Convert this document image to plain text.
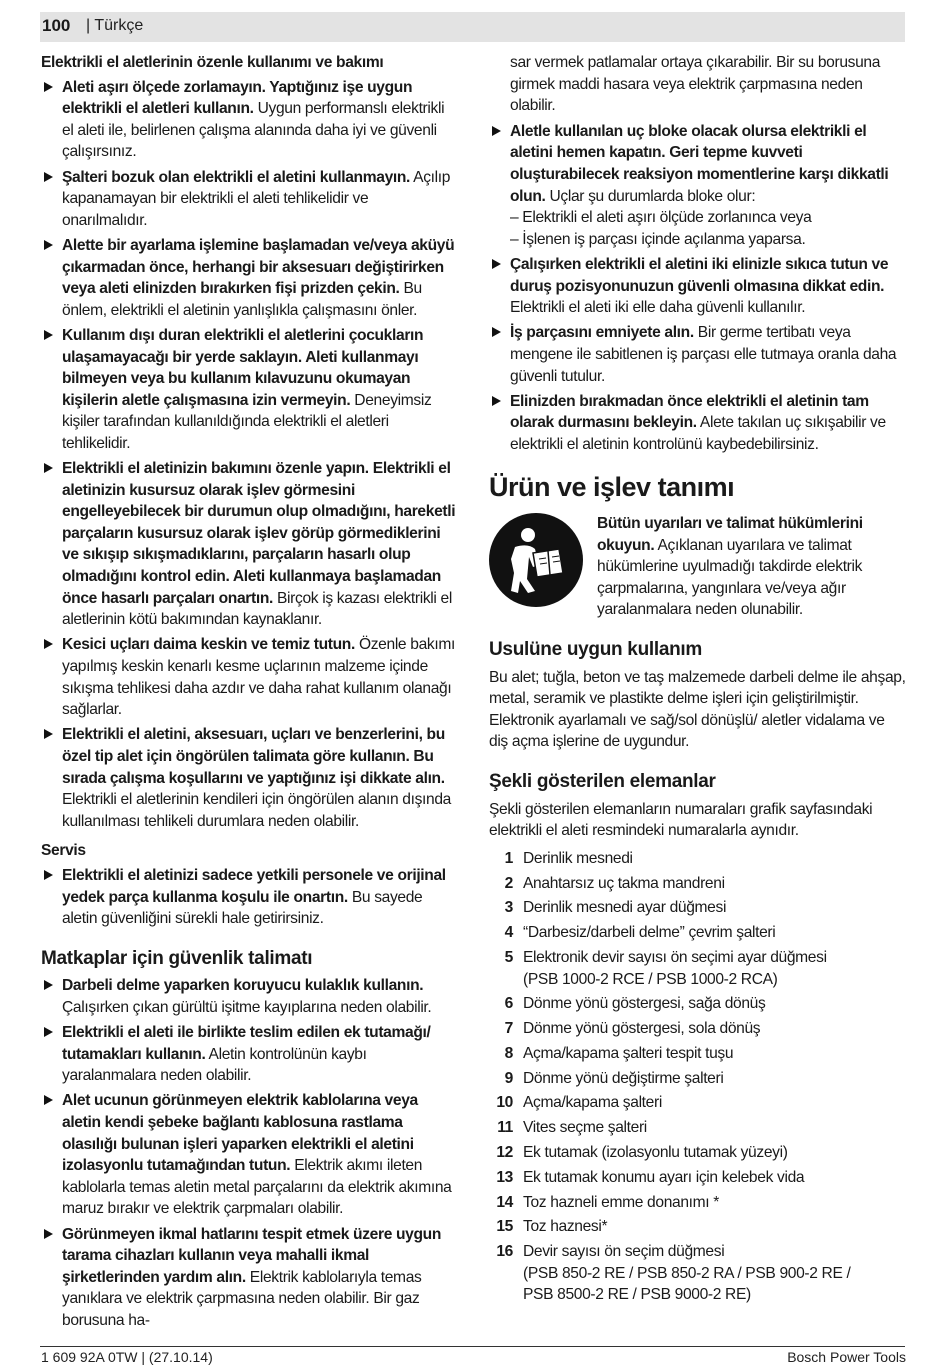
100 | Türkçe
Elektrikli el aletlerinin özenle kullanımı ve bakımı
Aleti aşırı ölçede zorlamayın. Yaptığınız işe uygun elektrikli el aletleri kullanın. Uygun performanslı elektrikli el aleti ile, belirlenen çalışma alanında daha iyi ve güvenli çalışırsınız.
Şalteri bozuk olan elektrikli el aletini kullanmayın. Açılıp kapanamayan bir elektrikli el aleti tehlikelidir ve onarılmalıdır.
Alette bir ayarlama işlemine başlamadan ve/veya aküyü çıkarmadan önce, herhangi bir aksesuarı değiştirirken veya aleti elinizden bırakırken fişi prizden çekin. Bu önlem, elektrikli el aletinin yanlışlıkla çalışmasını önler.
Kullanım dışı duran elektrikli el aletlerini çocukların ulaşamayacağı bir yerde saklayın. Aleti kullanmayı bilmeyen veya bu kullanım kılavuzunu okumayan kişilerin aletle çalışmasına izin vermeyin. Deneyimsiz kişiler tarafından kullanıldığında elektrikli el aletleri tehlikelidir.
Elektrikli el aletinizin bakımını özenle yapın. Elektrikli el aletinizin kusursuz olarak işlev görmesini engelleyebilecek bir durumun olup olmadığını, hareketli parçaların kusursuz olarak işlev görüp görmediklerini ve sıkışıp sıkışmadıklarını, parçaların hasarlı olup olmadığını kontrol edin. Aleti kullanmaya başlamadan önce hasarlı parçaları onartın. Birçok iş kazası elektrikli el aletlerinin kötü bakımından kaynaklanır.
Kesici uçları daima keskin ve temiz tutun. Özenle bakımı yapılmış keskin kenarlı kesme uçlarının malzeme içinde sıkışma tehlikesi daha azdır ve daha rahat kullanım olanağı sağlarlar.
Elektrikli el aletini, aksesuarı, uçları ve benzerlerini, bu özel tip alet için öngörülen talimata göre kullanın. Bu sırada çalışma koşullarını ve yaptığınız işi dikkate alın. Elektrikli el aletlerinin kendileri için öngörülen alanın dışında kullanılması tehlikeli durumlara neden olabilir.
Servis
Elektrikli el aletinizi sadece yetkili personele ve orijinal yedek parça kullanma koşulu ile onartın. Bu sayede aletin güvenliğini sürekli hale getirirsiniz.
Matkaplar için güvenlik talimatı
Darbeli delme yaparken koruyucu kulaklık kullanın. Çalışırken çıkan gürültü işitme kayıplarına neden olabilir.
Elektrikli el aleti ile birlikte teslim edilen ek tutamağı/ tutamakları kullanın. Aletin kontrolünün kaybı yaralanmalara neden olabilir.
Alet ucunun görünmeyen elektrik kablolarına veya aletin kendi şebeke bağlantı kablosuna rastlama olasılığı bulunan işleri yaparken elektrikli el aletini izolasyonlu tutamağından tutun. Elektrik akımı ileten kablolarla temas aletin metal parçalarını da elektrik akımına maruz bırakır ve elektrik çarpmaları olabilir.
Görünmeyen ikmal hatlarını tespit etmek üzere uygun tarama cihazları kullanın veya mahalli ikmal şirketlerinden yardım alın. Elektrik kablolarıyla temas yanıklara ve elektrik çarpmasına neden olabilir. Bir gaz borusuna ha-

sar vermek patlamalar ortaya çıkarabilir. Bir su borusuna girmek maddi hasara veya elektrik çarpmasına neden olabilir.

Aletle kullanılan uç bloke olacak olursa elektrikli el aletini hemen kapatın. Geri tepme kuvveti oluşturabilecek reaksiyon momentlerine karşı dikkatli olun. Uçlar şu durumlarda bloke olur:
– Elektrikli el aleti aşırı ölçüde zorlanınca veya
– İşlenen iş parçası içinde açılanma yaparsa.
Çalışırken elektrikli el aletini iki elinizle sıkıca tutun ve duruş pozisyonunuzun güvenli olmasına dikkat edin. Elektrikli el aleti iki elle daha güvenli kullanılır.
İş parçasını emniyete alın. Bir germe tertibatı veya mengene ile sabitlenen iş parçası elle tutmaya oranla daha güvenli tutulur.
Elinizden bırakmadan önce elektrikli el aletinin tam olarak durmasını bekleyin. Alete takılan uç sıkışabilir ve elektrikli el aletinin kontrolünü kaybedebilirsiniz.
Ürün ve işlev tanımı
Bütün uyarıları ve talimat hükümlerini okuyun. Açıklanan uyarılara ve talimat hükümlerine uyulmadığı takdirde elektrik çarpmalarına, yangınlara ve/veya ağır yaralanmalara neden olunabilir.
Usulüne uygun kullanım

Bu alet; tuğla, beton ve taş malzemede darbeli delme ile ahşap, metal, seramik ve plastikte delme işleri için geliştirilmiştir. Elektronik ayarlamalı ve sağ/sol dönüşlü/ aletler vidalama ve diş açma işlerine de uygundur.

Şekli gösterilen elemanlar

Şekli gösterilen elemanların numaraları grafik sayfasındaki elektrikli el aleti resmindeki numaralarla aynıdır.

1 Derinlik mesnedi
2 Anahtarsız uç takma mandreni
3 Derinlik mesnedi ayar düğmesi
4 “Darbesiz/darbeli delme” çevrim şalteri
5 Elektronik devir sayısı ön seçimi ayar düğmesi
(PSB 1000-2 RCE / PSB 1000-2 RCA)
6 Dönme yönü göstergesi, sağa dönüş
7 Dönme yönü göstergesi, sola dönüş
8 Açma/kapama şalteri tespit tuşu
9 Dönme yönü değiştirme şalteri
10 Açma/kapama şalteri
11 Vites seçme şalteri
12 Ek tutamak (izolasyonlu tutamak yüzeyi)
13 Ek tutamak konumu ayarı için kelebek vida
14 Toz hazneli emme donanımı *
15 Toz haznesi*
16 Devir sayısı ön seçim düğmesi
(PSB 850-2 RE / PSB 850-2 RA / PSB 900-2 RE /
PSB 8500-2 RE / PSB 9000-2 RE)
1 609 92A 0TW | (27.10.14)	Bosch Power Tools
